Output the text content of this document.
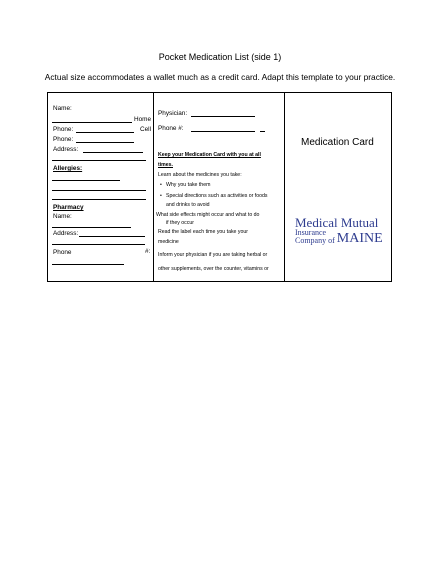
Pocket Medication List (side 1)
Actual size accommodates a wallet much as a credit card. Adapt this template to your practice.
Name:
Home
Phone:	Cell
Phone:
Address:
Allergies:
Pharmacy
Name:
Address:
Phone	#:
Physician:
Phone #:
Keep your Medication Card with you at all
times.
Learn about the medicines you take:
• Why you take them
• Special directions such as activities or foods
and drinks to avoid
What side effects might occur and what to do
if they occur
Read the label each time you take your
medicine
Inform your physician if you are taking herbal or
other supplements, over the counter, vitamins or
Medication Card
Medical Mutual
Insurance
Company of MAINE
